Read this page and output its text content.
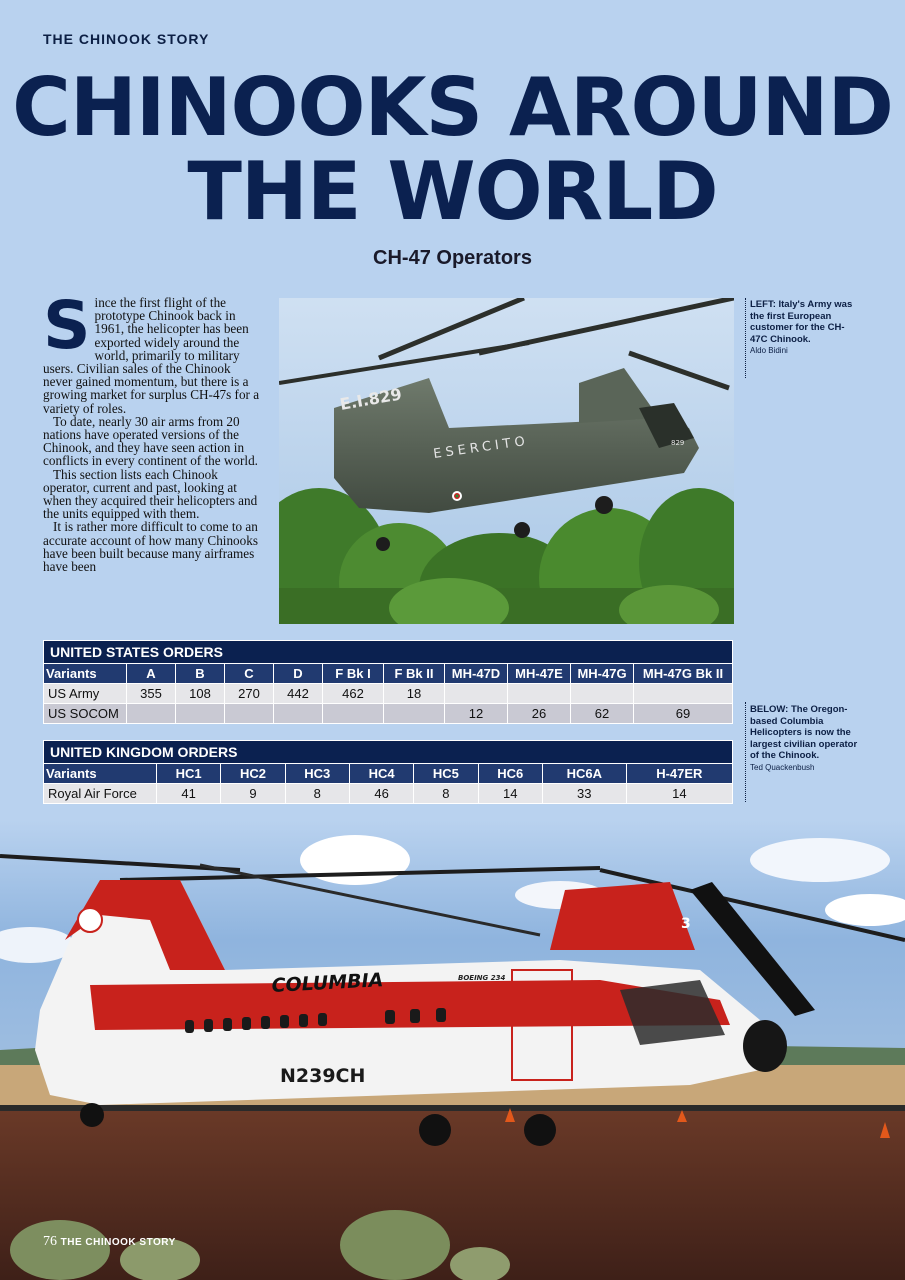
THE CHINOOK STORY
CHINOOKS AROUND
THE WORLD
CH-47 Operators

Since the first flight of the prototype Chinook back in 1961, the helicopter has been exported widely around the world, primarily to military users. Civilian sales of the Chinook never gained momentum, but there is a growing market for surplus CH-47s for a variety of roles.

To date, nearly 30 air arms from 20 nations have operated versions of the Chinook, and they have seen action in conflicts in every continent of the world.

This section lists each Chinook operator, current and past, looking at when they acquired their helicopters and the units equipped with them.

It is rather more difficult to come to an accurate account of how many Chinooks have been built because many airframes have been

E.I.829
ESERCITO	829
LEFT: Italy's Army was the first European customer for the CH-47C Chinook.
Aldo Bidini
BELOW: The Oregon-based Columbia Helicopters is now the largest civilian operator of the Chinook.
Ted Quackenbush
UNITED STATES ORDERS										
Variants	A	B	C	D	F Bk I	F Bk II	MH-47D	MH-47E	MH-47G	MH-47G Bk II
US Army	355	108	270	442	462	18				
US SOCOM							12	26	62	69
UNITED KINGDOM ORDERS								
Variants	HC1	HC2	HC3	HC4	HC5	HC6	HC6A	H-47ER
Royal Air Force	41	9	8	46	8	14	33	14
COLUMBIA	BOEING 234
N239CH
3
76 THE CHINOOK STORY
